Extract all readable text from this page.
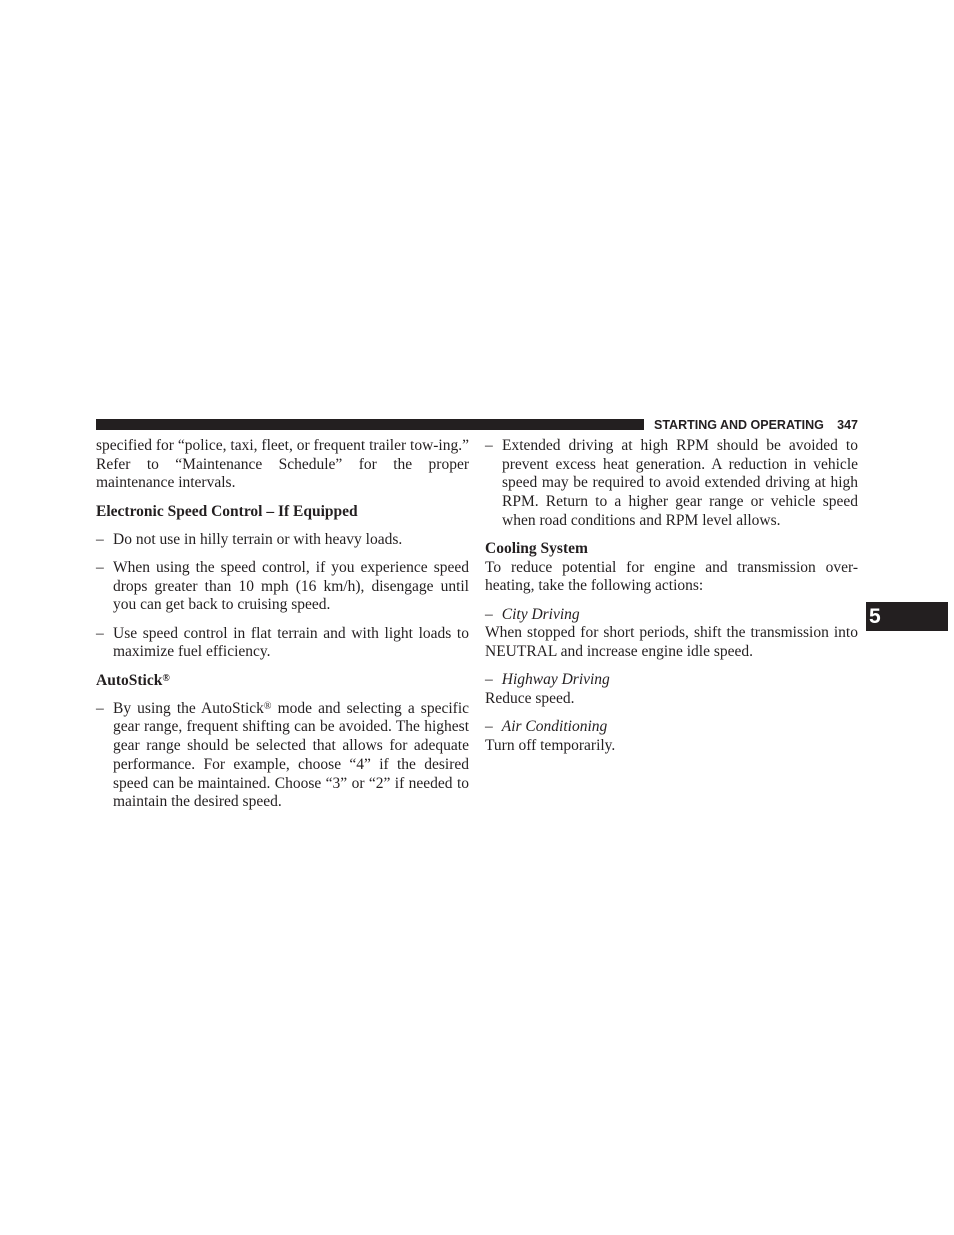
STARTING AND OPERATING 347
5

specified for “police, taxi, fleet, or frequent trailer tow-ing.” Refer to “Maintenance Schedule” for the proper maintenance intervals.

Electronic Speed Control – If Equipped

– Do not use in hilly terrain or with heavy loads.
– When using the speed control, if you experience speed drops greater than 10 mph (16 km/h), disengage until you can get back to cruising speed.
– Use speed control in flat terrain and with light loads to maximize fuel efficiency.

AutoStick®

– By using the AutoStick® mode and selecting a specific gear range, frequent shifting can be avoided. The highest gear range should be selected that allows for adequate performance. For example, choose “4” if the desired speed can be maintained. Choose “3” or “2” if needed to maintain the desired speed.
– Extended driving at high RPM should be avoided to prevent excess heat generation. A reduction in vehicle speed may be required to avoid extended driving at high RPM. Return to a higher gear range or vehicle speed when road conditions and RPM level allows.

Cooling System

To reduce potential for engine and transmission over-heating, take the following actions:

– City Driving

When stopped for short periods, shift the transmission into NEUTRAL and increase engine idle speed.

– Highway Driving

Reduce speed.

– Air Conditioning

Turn off temporarily.
